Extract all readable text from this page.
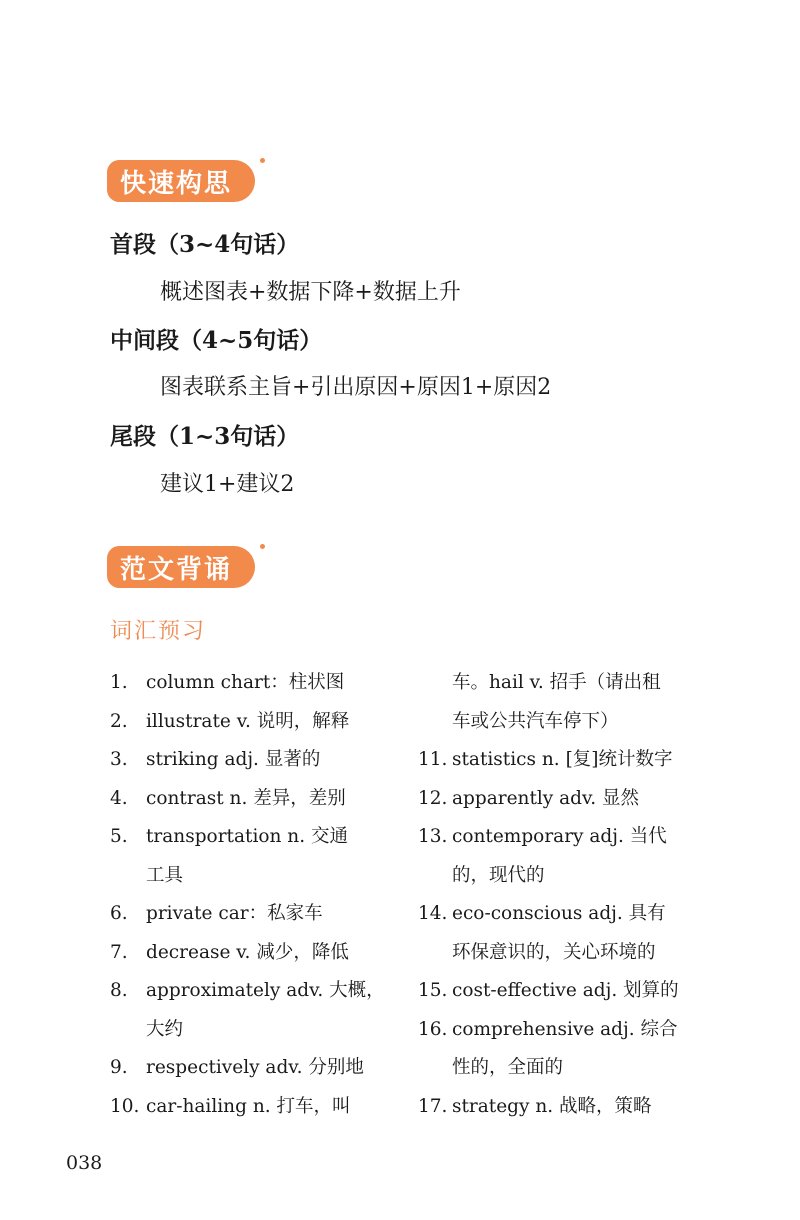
快速构思
首段（3~4句话）
概述图表+数据下降+数据上升
中间段（4~5句话）
图表联系主旨+引出原因+原因1+原因2
尾段（1~3句话）
建议1+建议2
范文背诵
词汇预习
1. column chart：柱状图
2. illustrate v. 说明，解释
3. striking adj. 显著的
4. contrast n. 差异，差别
5. transportation n. 交通
工具
6. private car：私家车
7. decrease v. 减少，降低
8. approximately adv. 大概，
大约
9. respectively adv. 分别地
10. car-hailing n. 打车，叫
车。hail v. 招手（请出租
车或公共汽车停下）
11. statistics n. [复]统计数字
12. apparently adv. 显然
13. contemporary adj. 当代
的，现代的
14. eco-conscious adj. 具有
环保意识的，关心环境的
15. cost-effective adj. 划算的
16. comprehensive adj. 综合
性的，全面的
17. strategy n. 战略，策略
038
